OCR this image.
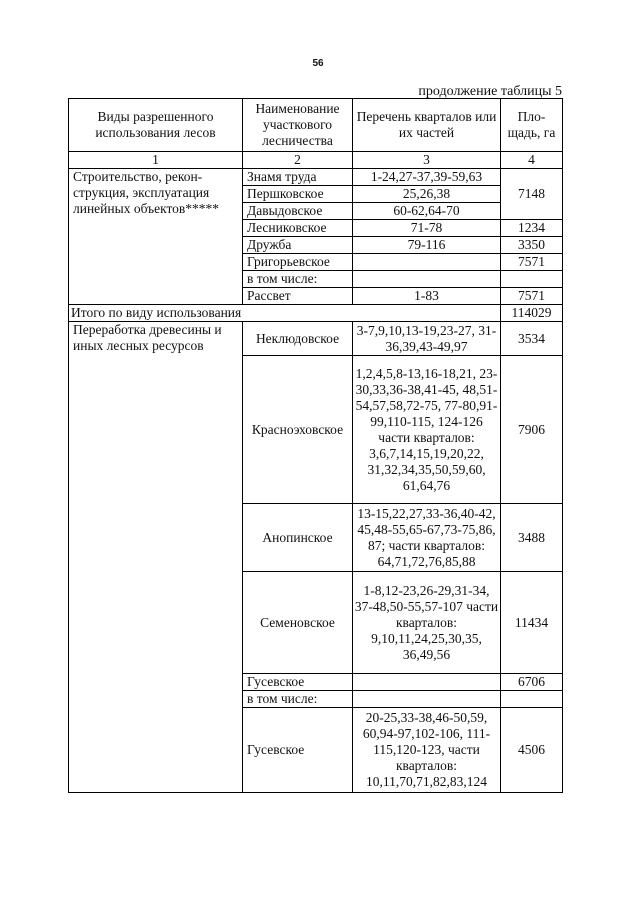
56
продолжение таблицы 5
Виды разрешенного использования лесов	Наименование участкового лесничества	Перечень кварталов или их частей	Пло-щадь, га
1	2	3	4
Строительство, рекон-струкция, эксплуатация линейных объектов*****	Знамя труда	1-24,27-37,39-59,63	7148
	Першковское	25,26,38	
	Давыдовское	60-62,64-70	
	Лесниковское	71-78	1234
	Дружба	79-116	3350
	Григорьевское		7571
	в том числе:		
	Рассвет	1-83	7571
Итого по виду использования			114029
Переработка древесины и иных лесных ресурсов	Неклюдовское	3-7,9,10,13-19,23-27, 31-36,39,43-49,97	3534
	Красноэховское	1,2,4,5,8-13,16-18,21, 23-30,33,36-38,41-45, 48,51-54,57,58,72-75, 77-80,91-99,110-115, 124-126 части кварталов: 3,6,7,14,15,19,20,22, 31,32,34,35,50,59,60, 61,64,76	7906
	Анопинское	13-15,22,27,33-36,40-42, 45,48-55,65-67,73-75,86, 87; части кварталов: 64,71,72,76,85,88	3488
	Семеновское	1-8,12-23,26-29,31-34, 37-48,50-55,57-107 части кварталов: 9,10,11,24,25,30,35, 36,49,56	11434
	Гусевское		6706
	в том числе:		
	Гусевское	20-25,33-38,46-50,59, 60,94-97,102-106, 111-115,120-123, части кварталов: 10,11,70,71,82,83,124	4506
